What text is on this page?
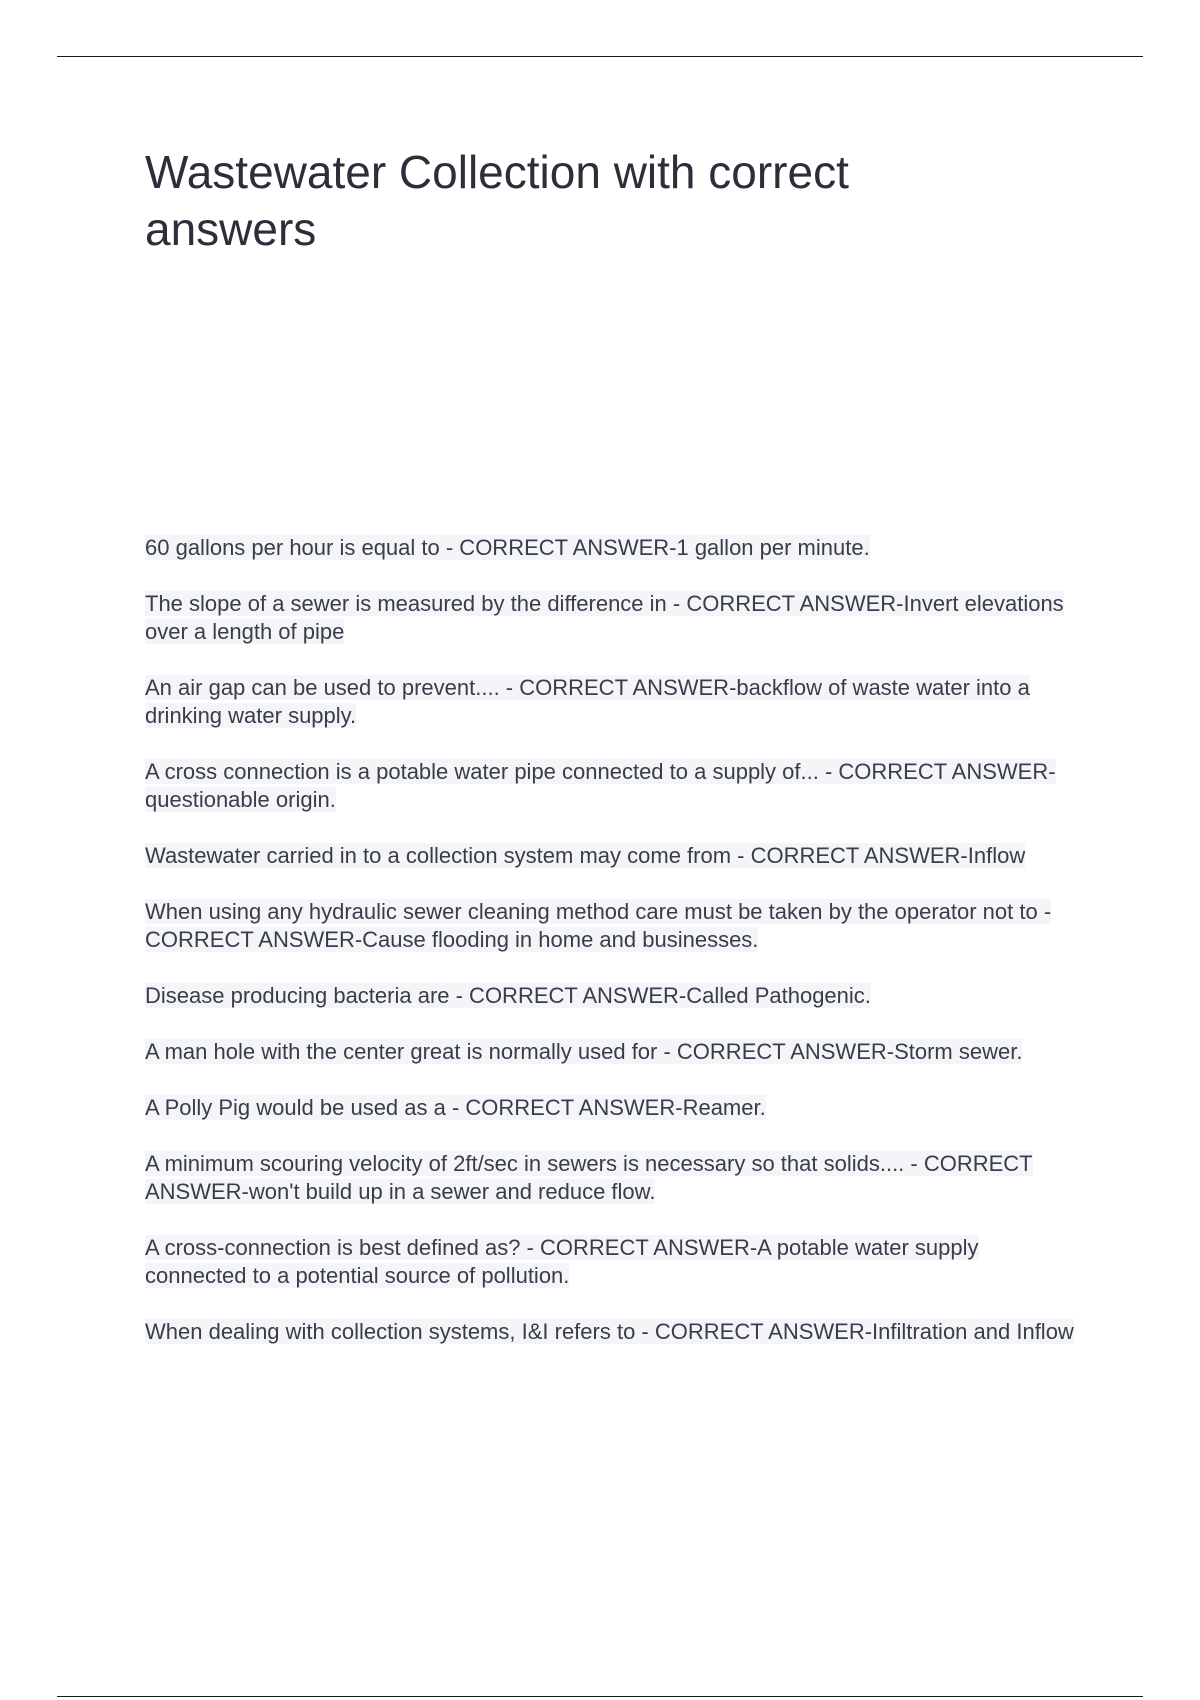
Wastewater Collection with correct answers
60 gallons per hour is equal to - CORRECT ANSWER-1 gallon per minute.
The slope of a sewer is measured by the difference in - CORRECT ANSWER-Invert elevations over a length of pipe
An air gap can be used to prevent.... - CORRECT ANSWER-backflow of waste water into a drinking water supply.
A cross connection is a potable water pipe connected to a supply of... - CORRECT ANSWER-questionable origin.
Wastewater carried in to a collection system may come from - CORRECT ANSWER-Inflow
When using any hydraulic sewer cleaning method care must be taken by the operator not to - CORRECT ANSWER-Cause flooding in home and businesses.
Disease producing bacteria are - CORRECT ANSWER-Called Pathogenic.
A man hole with the center great is normally used for - CORRECT ANSWER-Storm sewer.
A Polly Pig would be used as a - CORRECT ANSWER-Reamer.
A minimum scouring velocity of 2ft/sec in sewers is necessary so that solids.... - CORRECT ANSWER-won't build up in a sewer and reduce flow.
A cross-connection is best defined as? - CORRECT ANSWER-A potable water supply connected to a potential source of pollution.
When dealing with collection systems, I&I refers to - CORRECT ANSWER-Infiltration and Inflow
